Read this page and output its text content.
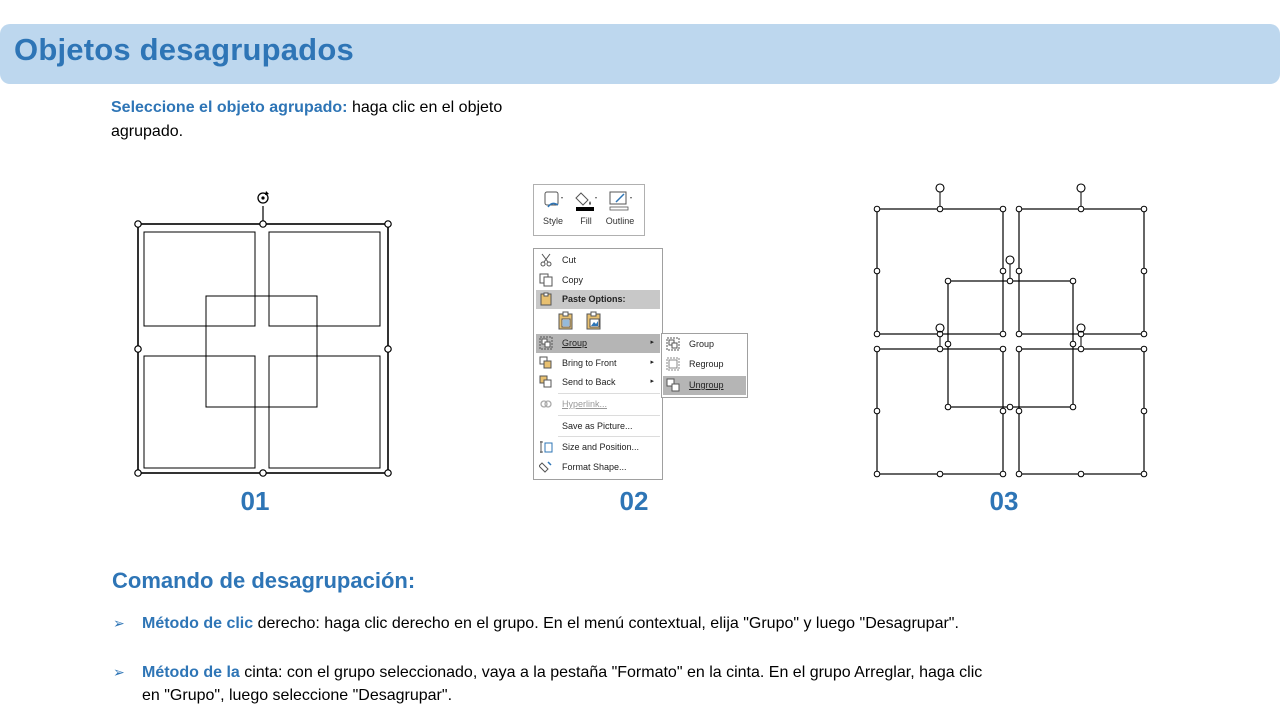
Objetos desagrupados
Seleccione el objeto agrupado: haga clic en el objeto agrupado.
01
Style	Fill	Outline
Cut
Copy
Paste Options:
Group	▸
Bring to Front	▸
Send to Back	▸
Hyperlink...
Save as Picture...
Size and Position...
Format Shape...
Group
Regroup
Ungroup
02	03
Comando de desagrupación:
➢ Método de clic derecho: haga clic derecho en el grupo. En el menú contextual, elija "Grupo" y luego "Desagrupar".
➢ Método de la cinta: con el grupo seleccionado, vaya a la pestaña "Formato" en la cinta. En el grupo Arreglar, haga clic en "Grupo", luego seleccione "Desagrupar".
